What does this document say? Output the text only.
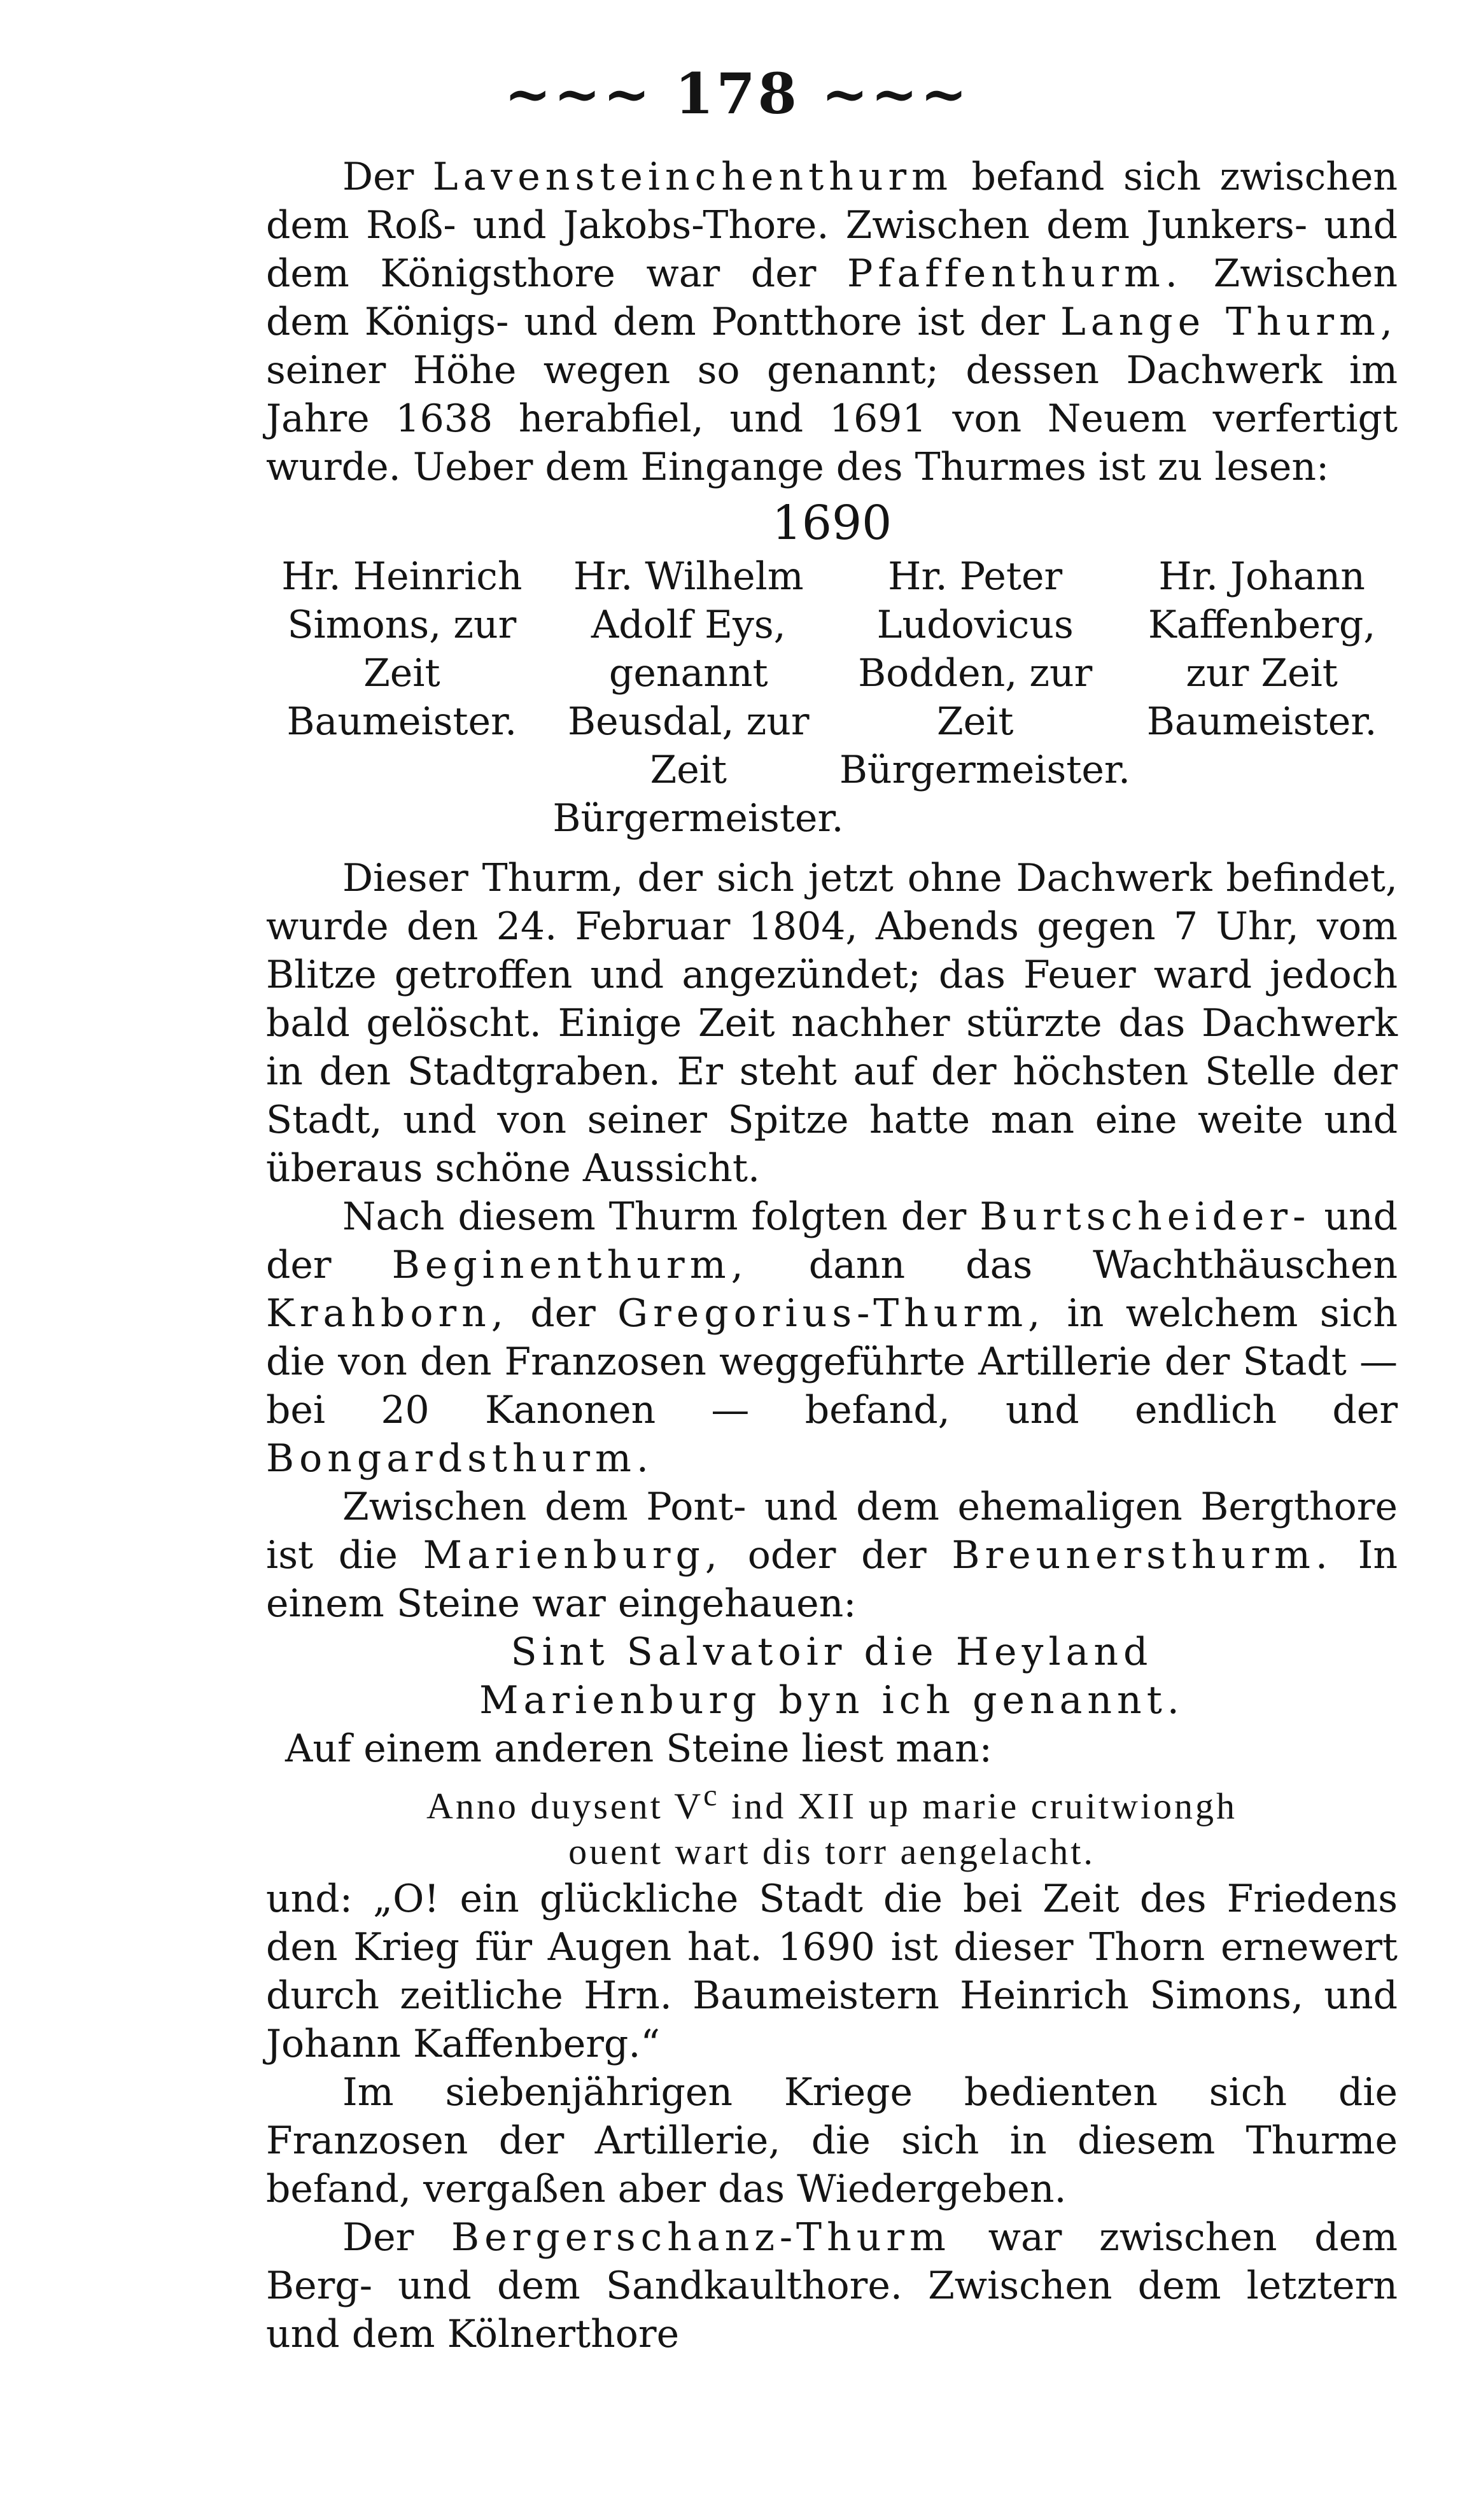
~~~ 178 ~~~

Der Lavensteinchenthurm befand sich zwischen dem Roß- und Jakobs-Thore. Zwischen dem Junkers- und dem Königsthore war der Pfaffenthurm. Zwischen dem Königs- und dem Pontthore ist der Lange Thurm, seiner Höhe wegen so genannt; dessen Dachwerk im Jahre 1638 herabfiel, und 1691 von Neuem verfertigt wurde. Ueber dem Eingange des Thurmes ist zu lesen:

1690
Hr. Heinrich Simons, zur Zeit Baumeister.
Hr. Wilhelm Adolf Eys, genannt Beusdal, zur Zeit Bürgermeister.
Hr. Peter Ludovicus Bodden, zur Zeit Bürgermeister.
Hr. Johann Kaffenberg, zur Zeit Baumeister.

Dieser Thurm, der sich jetzt ohne Dachwerk befindet, wurde den 24. Februar 1804, Abends gegen 7 Uhr, vom Blitze getroffen und angezündet; das Feuer ward jedoch bald gelöscht. Einige Zeit nachher stürzte das Dachwerk in den Stadtgraben. Er steht auf der höchsten Stelle der Stadt, und von seiner Spitze hatte man eine weite und überaus schöne Aussicht.

Nach diesem Thurm folgten der Burtscheider- und der Beginenthurm, dann das Wachthäuschen Krahborn, der Gregorius-Thurm, in welchem sich die von den Franzosen weggeführte Artillerie der Stadt — bei 20 Kanonen — befand, und endlich der Bongardsthurm.

Zwischen dem Pont- und dem ehemaligen Bergthore ist die Marienburg, oder der Breunersthurm. In einem Steine war eingehauen:

Sint Salvatoir die Heyland

Marienburg byn ich genannt.

Auf einem anderen Steine liest man:

Anno duysent $V^c$ ind XII up marie cruitwiongh

ouent wart dis torr aengelacht.

und: „O! ein glückliche Stadt die bei Zeit des Friedens den Krieg für Augen hat. 1690 ist dieser Thorn ernewert durch zeitliche Hrn. Baumeistern Heinrich Simons, und Johann Kaffenberg.“

Im siebenjährigen Kriege bedienten sich die Franzosen der Artillerie, die sich in diesem Thurme befand, vergaßen aber das Wiedergeben.

Der Bergerschanz-Thurm war zwischen dem Berg- und dem Sandkaulthore. Zwischen dem letztern und dem Kölnerthore
